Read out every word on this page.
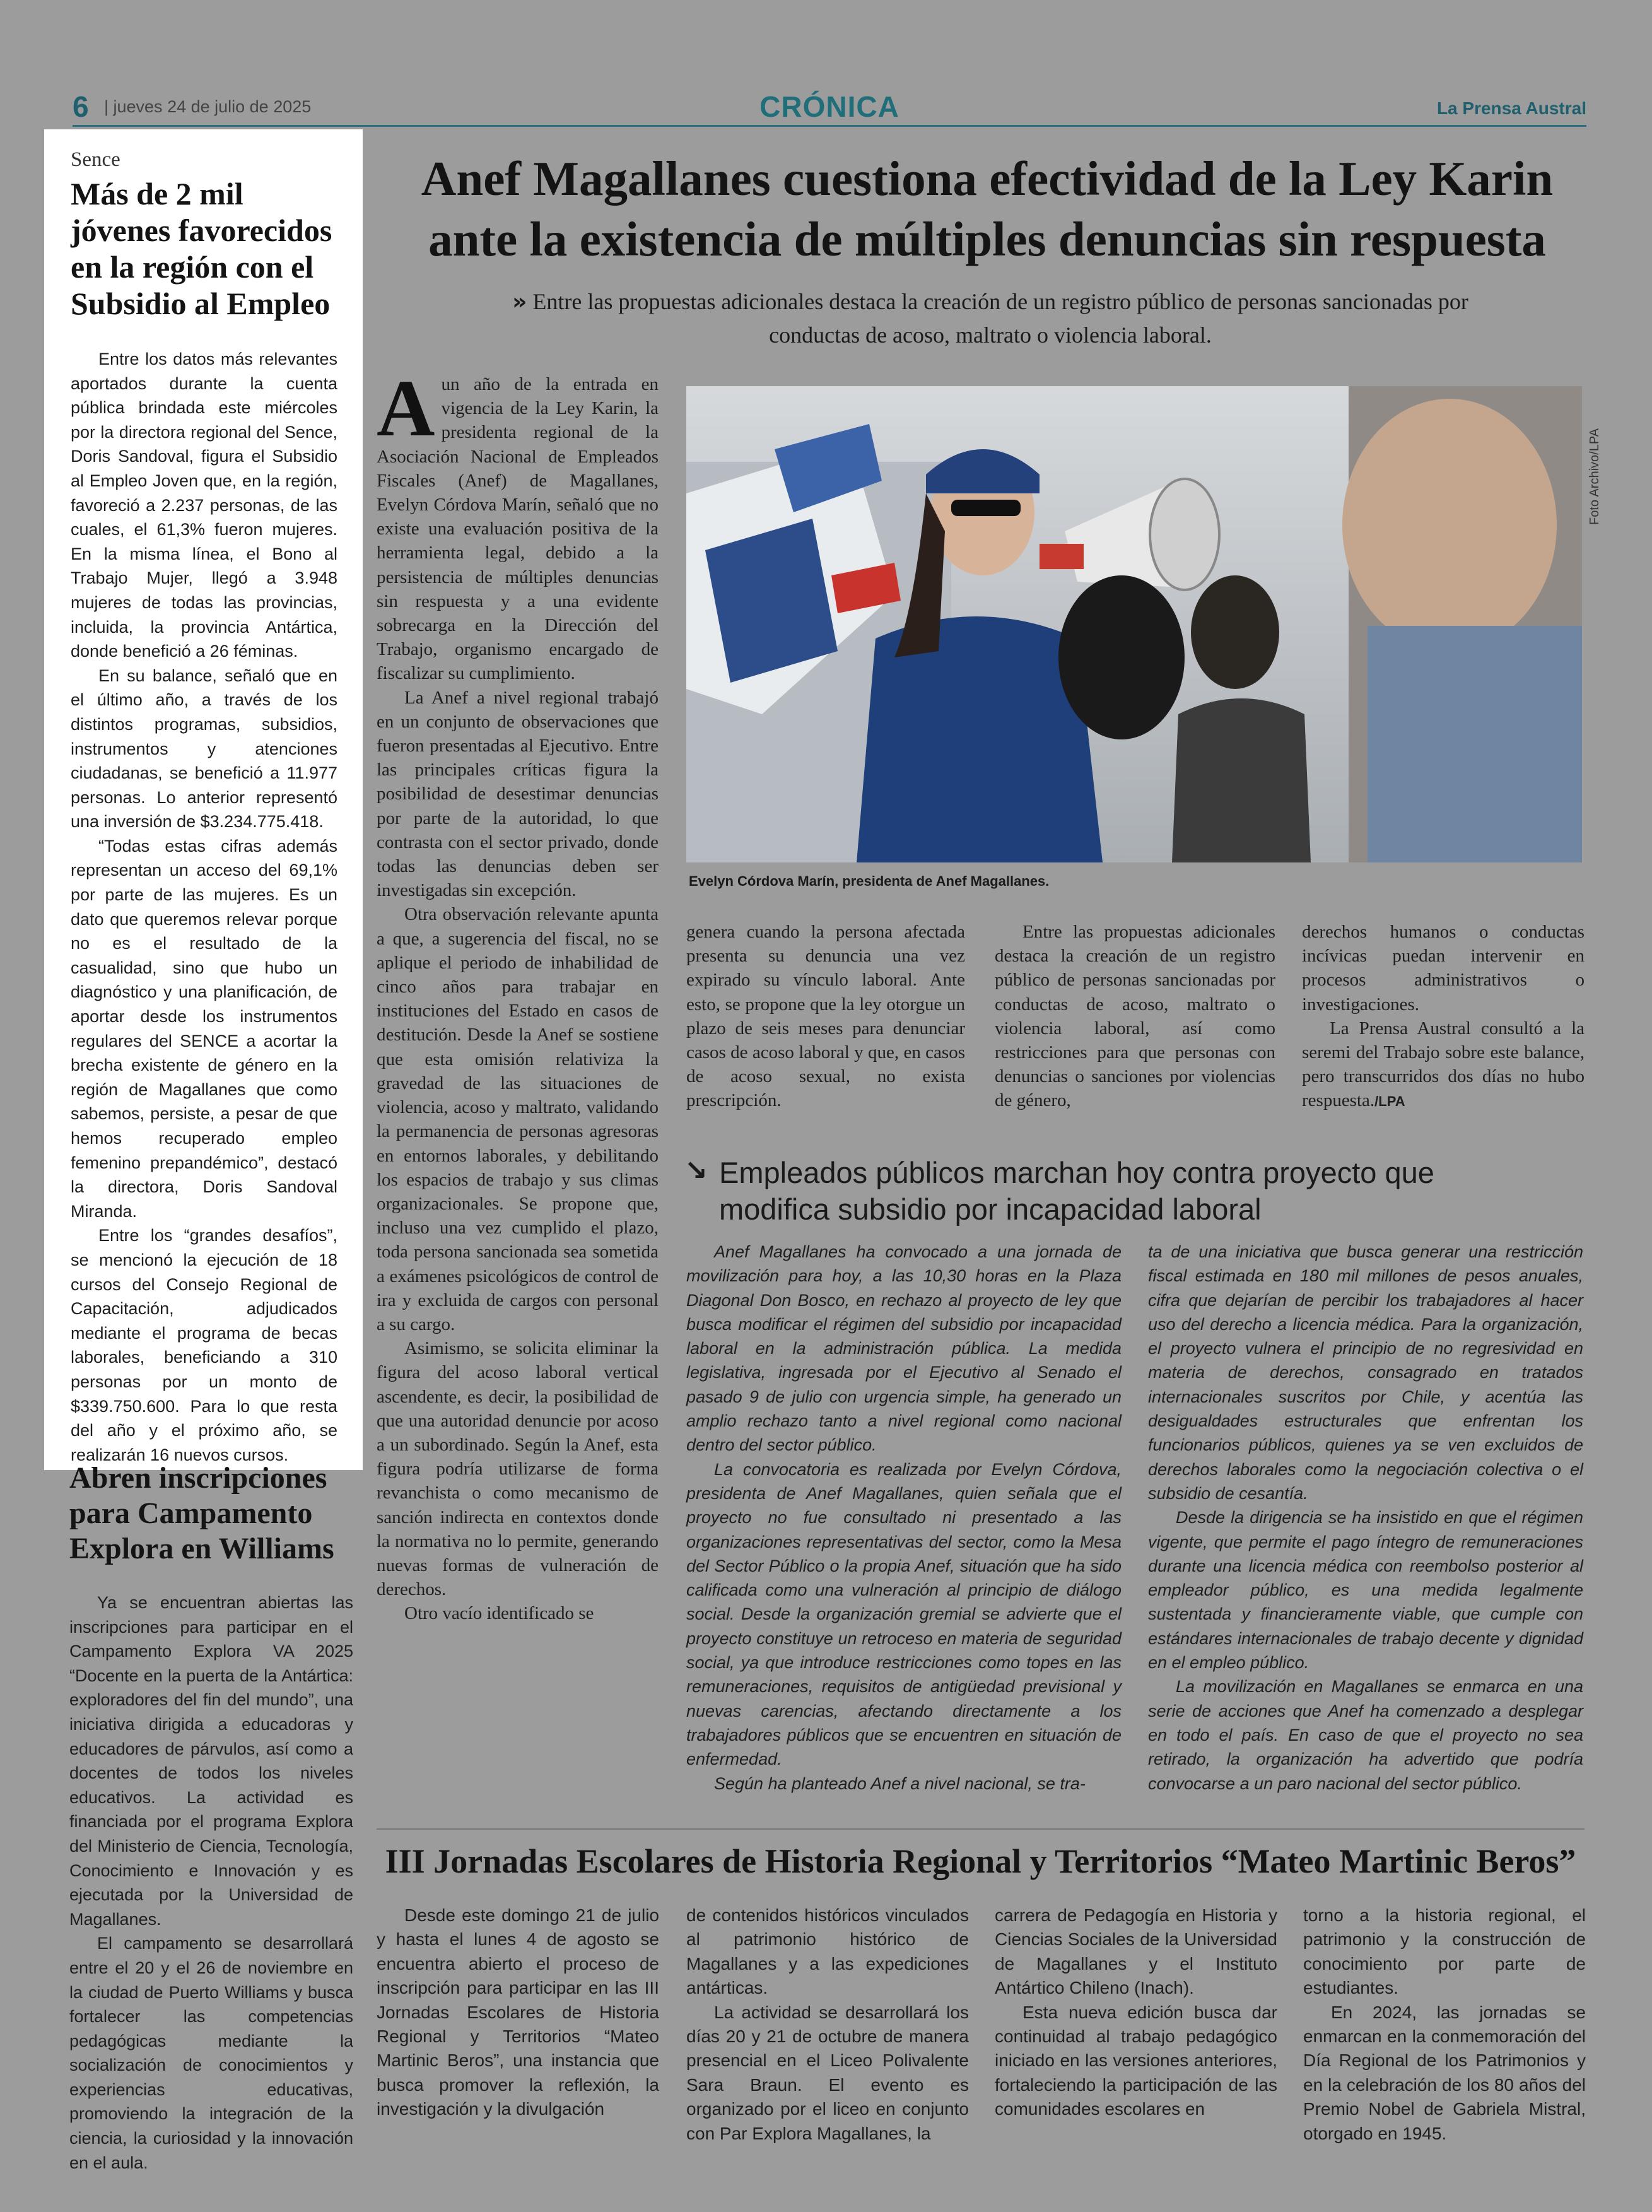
CRÓNICA
6 | jueves 24 de julio de 2025	La Prensa Austral
Sence
Más de 2 mil jóvenes favorecidos en la región con el Subsidio al Empleo

Entre los datos más relevantes aportados durante la cuenta pública brindada este miércoles por la directora regional del Sence, Doris Sandoval, figura el Subsidio al Empleo Joven que, en la región, favoreció a 2.237 personas, de las cuales, el 61,3% fueron mujeres. En la misma línea, el Bono al Trabajo Mujer, llegó a 3.948 mujeres de todas las provincias, incluida, la provincia Antártica, donde benefició a 26 féminas.

En su balance, señaló que en el último año, a través de los distintos programas, subsidios, instrumentos y atenciones ciudadanas, se benefició a 11.977 personas. Lo anterior representó una inversión de $3.234.775.418.

“Todas estas cifras además representan un acceso del 69,1% por parte de las mujeres. Es un dato que queremos relevar porque no es el resultado de la casualidad, sino que hubo un diagnóstico y una planificación, de aportar desde los instrumentos regulares del SENCE a acortar la brecha existente de género en la región de Magallanes que como sabemos, persiste, a pesar de que hemos recuperado empleo femenino prepandémico”, destacó la directora, Doris Sandoval Miranda.

Entre los “grandes desafíos”, se mencionó la ejecución de 18 cursos del Consejo Regional de Capacitación, adjudicados mediante el programa de becas laborales, beneficiando a 310 personas por un monto de $339.750.600. Para lo que resta del año y el próximo año, se realizarán 16 nuevos cursos.

Abren inscripciones para Campamento Explora en Williams

Ya se encuentran abiertas las inscripciones para participar en el Campamento Explora VA 2025 “Docente en la puerta de la Antártica: exploradores del fin del mundo”, una iniciativa dirigida a educadoras y educadores de párvulos, así como a docentes de todos los niveles educativos. La actividad es financiada por el programa Explora del Ministerio de Ciencia, Tecnología, Conocimiento e Innovación y es ejecutada por la Universidad de Magallanes.

El campamento se desarrollará entre el 20 y el 26 de noviembre en la ciudad de Puerto Williams y busca fortalecer las competencias pedagógicas mediante la socialización de conocimientos y experiencias educativas, promoviendo la integración de la ciencia, la curiosidad y la innovación en el aula.

Anef Magallanes cuestiona efectividad de la Ley Karin ante la existencia de múltiples denuncias sin respuesta
» Entre las propuestas adicionales destaca la creación de un registro público de personas sancionadas por conductas de acoso, maltrato o violencia laboral.

Aun año de la entrada en vigencia de la Ley Karin, la presidenta regional de la Asociación Nacional de Empleados Fiscales (Anef) de Magallanes, Evelyn Córdova Marín, señaló que no existe una evaluación positiva de la herramienta legal, debido a la persistencia de múltiples denuncias sin respuesta y a una evidente sobrecarga en la Dirección del Trabajo, organismo encargado de fiscalizar su cumplimiento.

La Anef a nivel regional trabajó en un conjunto de observaciones que fueron presentadas al Ejecutivo. Entre las principales críticas figura la posibilidad de desestimar denuncias por parte de la autoridad, lo que contrasta con el sector privado, donde todas las denuncias deben ser investigadas sin excepción.

Otra observación relevante apunta a que, a sugerencia del fiscal, no se aplique el periodo de inhabilidad de cinco años para trabajar en instituciones del Estado en casos de destitución. Desde la Anef se sostiene que esta omisión relativiza la gravedad de las situaciones de violencia, acoso y maltrato, validando la permanencia de personas agresoras en entornos laborales, y debilitando los espacios de trabajo y sus climas organizacionales. Se propone que, incluso una vez cumplido el plazo, toda persona sancionada sea sometida a exámenes psicológicos de control de ira y excluida de cargos con personal a su cargo.

Asimismo, se solicita eliminar la figura del acoso laboral vertical ascendente, es decir, la posibilidad de que una autoridad denuncie por acoso a un subordinado. Según la Anef, esta figura podría utilizarse de forma revanchista o como mecanismo de sanción indirecta en contextos donde la normativa no lo permite, generando nuevas formas de vulneración de derechos.

Otro vacío identificado se

Foto Archivo/LPA
Evelyn Córdova Marín, presidenta de Anef Magallanes.

genera cuando la persona afectada presenta su denuncia una vez expirado su vínculo laboral. Ante esto, se propone que la ley otorgue un plazo de seis meses para denunciar casos de acoso laboral y que, en casos de acoso sexual, no exista prescripción.

Entre las propuestas adicionales destaca la creación de un registro público de personas sancionadas por conductas de acoso, maltrato o violencia laboral, así como restricciones para que personas con denuncias o sanciones por violencias de género,

derechos humanos o conductas incívicas puedan intervenir en procesos administrativos o investigaciones.

La Prensa Austral consultó a la seremi del Trabajo sobre este balance, pero transcurridos dos días no hubo respuesta./LPA

↘ Empleados públicos marchan hoy contra proyecto que modifica subsidio por incapacidad laboral

Anef Magallanes ha convocado a una jornada de movilización para hoy, a las 10,30 horas en la Plaza Diagonal Don Bosco, en rechazo al proyecto de ley que busca modificar el régimen del subsidio por incapacidad laboral en la administración pública. La medida legislativa, ingresada por el Ejecutivo al Senado el pasado 9 de julio con urgencia simple, ha generado un amplio rechazo tanto a nivel regional como nacional dentro del sector público.

La convocatoria es realizada por Evelyn Córdova, presidenta de Anef Magallanes, quien señala que el proyecto no fue consultado ni presentado a las organizaciones representativas del sector, como la Mesa del Sector Público o la propia Anef, situación que ha sido calificada como una vulneración al principio de diálogo social. Desde la organización gremial se advierte que el proyecto constituye un retroceso en materia de seguridad social, ya que introduce restricciones como topes en las remuneraciones, requisitos de antigüedad previsional y nuevas carencias, afectando directamente a los trabajadores públicos que se encuentren en situación de enfermedad.

Según ha planteado Anef a nivel nacional, se tra-

ta de una iniciativa que busca generar una restricción fiscal estimada en 180 mil millones de pesos anuales, cifra que dejarían de percibir los trabajadores al hacer uso del derecho a licencia médica. Para la organización, el proyecto vulnera el principio de no regresividad en materia de derechos, consagrado en tratados internacionales suscritos por Chile, y acentúa las desigualdades estructurales que enfrentan los funcionarios públicos, quienes ya se ven excluidos de derechos laborales como la negociación colectiva o el subsidio de cesantía.

Desde la dirigencia se ha insistido en que el régimen vigente, que permite el pago íntegro de remuneraciones durante una licencia médica con reembolso posterior al empleador público, es una medida legalmente sustentada y financieramente viable, que cumple con estándares internacionales de trabajo decente y dignidad en el empleo público.

La movilización en Magallanes se enmarca en una serie de acciones que Anef ha comenzado a desplegar en todo el país. En caso de que el proyecto no sea retirado, la organización ha advertido que podría convocarse a un paro nacional del sector público.

III Jornadas Escolares de Historia Regional y Territorios “Mateo Martinic Beros”

Desde este domingo 21 de julio y hasta el lunes 4 de agosto se encuentra abierto el proceso de inscripción para participar en las III Jornadas Escolares de Historia Regional y Territorios “Mateo Martinic Beros”, una instancia que busca promover la reflexión, la investigación y la divulgación

de contenidos históricos vinculados al patrimonio histórico de Magallanes y a las expediciones antárticas.

La actividad se desarrollará los días 20 y 21 de octubre de manera presencial en el Liceo Polivalente Sara Braun. El evento es organizado por el liceo en conjunto con Par Explora Magallanes, la

carrera de Pedagogía en Historia y Ciencias Sociales de la Universidad de Magallanes y el Instituto Antártico Chileno (Inach).

Esta nueva edición busca dar continuidad al trabajo pedagógico iniciado en las versiones anteriores, fortaleciendo la participación de las comunidades escolares en

torno a la historia regional, el patrimonio y la construcción de conocimiento por parte de estudiantes.

En 2024, las jornadas se enmarcan en la conmemoración del Día Regional de los Patrimonios y en la celebración de los 80 años del Premio Nobel de Gabriela Mistral, otorgado en 1945.
